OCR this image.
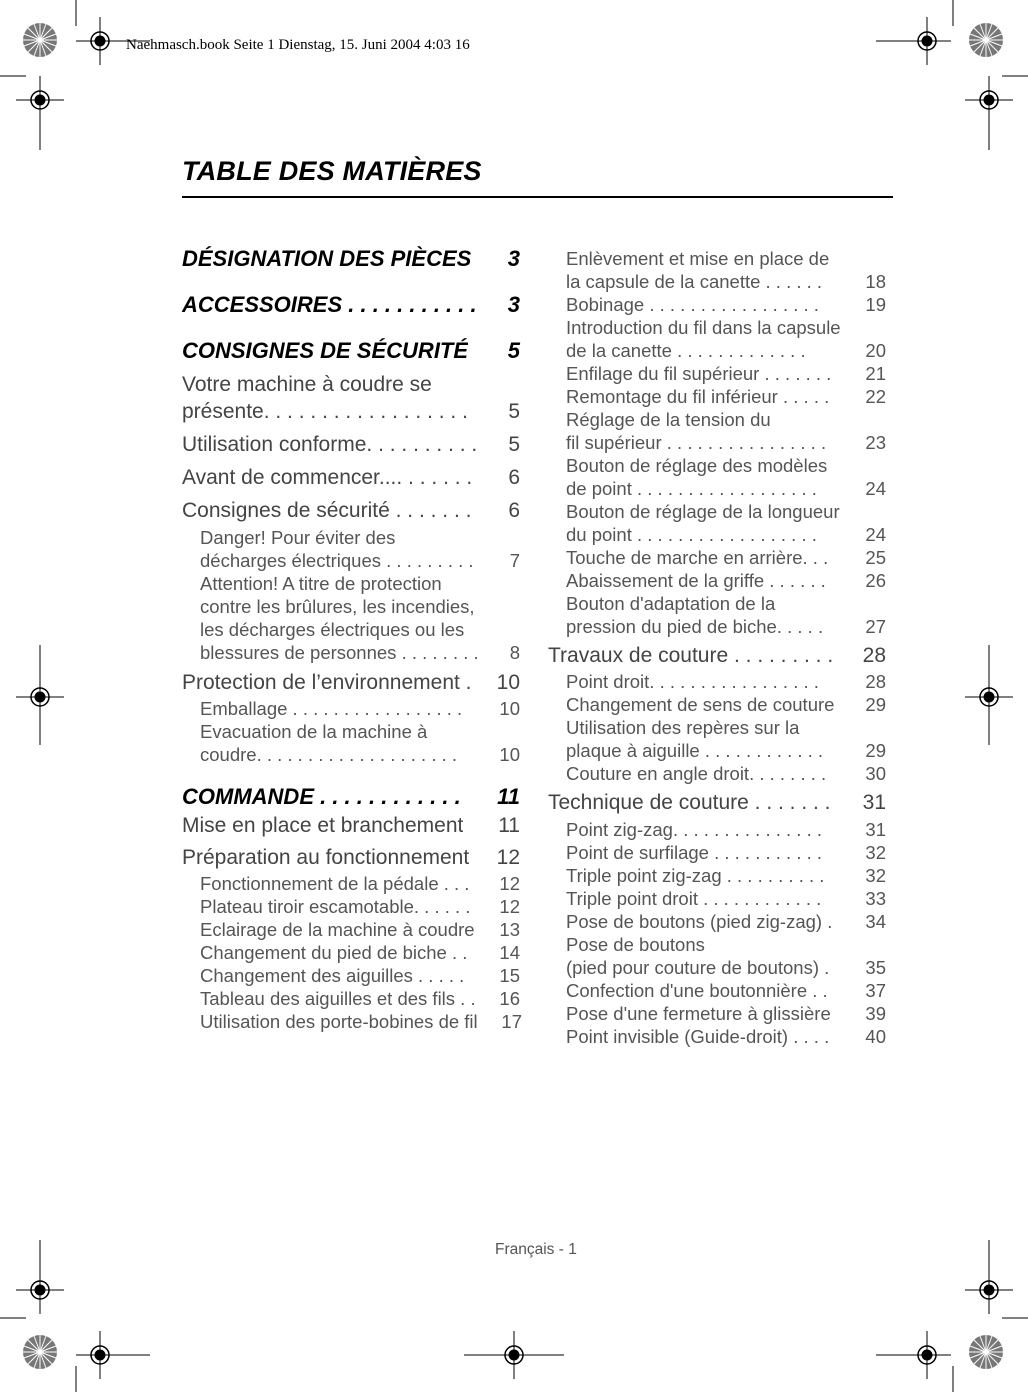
Naehmasch.book Seite 1 Dienstag, 15. Juni 2004 4:03 16
TABLE DES MATIÈRES
DÉSIGNATION DES PIÈCES 3
ACCESSOIRES . . . . . . . . . . . 3
CONSIGNES DE SÉCURITÉ 5
Votre machine à coudre se
présente. . . . . . . . . . . . . . . . . . 5
Utilisation conforme. . . . . . . . . . 5
Avant de commencer.... . . . . . . 6
Consignes de sécurité . . . . . . . 6
Danger! Pour éviter des
décharges électriques . . . . . . . . . 7
Attention! A titre de protection
contre les brûlures, les incendies,
les décharges électriques ou les
blessures de personnes . . . . . . . . 8
Protection de l’environnement . 10
Emballage . . . . . . . . . . . . . . . . . 10
Evacuation de la machine à
coudre. . . . . . . . . . . . . . . . . . . . 10
COMMANDE . . . . . . . . . . . . 11
Mise en place et branchement 11
Préparation au fonctionnement 12
Fonctionnement de la pédale . . . 12
Plateau tiroir escamotable. . . . . . 12
Eclairage de la machine à coudre 13
Changement du pied de biche . . 14
Changement des aiguilles . . . . . 15
Tableau des aiguilles et des fils . . 16
Utilisation des porte-bobines de fil 17
Enlèvement et mise en place de
la capsule de la canette . . . . . . 18
Bobinage . . . . . . . . . . . . . . . . .	19
Introduction du fil dans la capsule
de la canette . . . . . . . . . . . . .	20
Enfilage du fil supérieur . . . . . . . 21
Remontage du fil inférieur . . . . . 22
Réglage de la tension du
fil supérieur . . . . . . . . . . . . . . . . 23
Bouton de réglage des modèles
de point . . . . . . . . . . . . . . . . . .	24
Bouton de réglage de la longueur
du point . . . . . . . . . . . . . . . . . .	24
Touche de marche en arrière. . . 25
Abaissement de la griffe . . . . . . 26
Bouton d'adaptation de la
pression du pied de biche. . . . . 27
Travaux de couture . . . . . . . . . 28
Point droit. . . . . . . . . . . . . . . . .	28
Changement de sens de couture 29
Utilisation des repères sur la
plaque à aiguille . . . . . . . . . . . . 29
Couture en angle droit. . . . . . . . 30
Technique de couture . . . . . . . 31
Point zig-zag. . . . . . . . . . . . . . . 31
Point de surfilage . . . . . . . . . . . 32
Triple point zig-zag . . . . . . . . . . 32
Triple point droit . . . . . . . . . . . . 33
Pose de boutons (pied zig-zag) . 34
Pose de boutons
(pied pour couture de boutons) . 35
Confection d'une boutonnière . . 37
Pose d'une fermeture à glissière 39
Point invisible (Guide-droit) . . . . 40
Français - 1
